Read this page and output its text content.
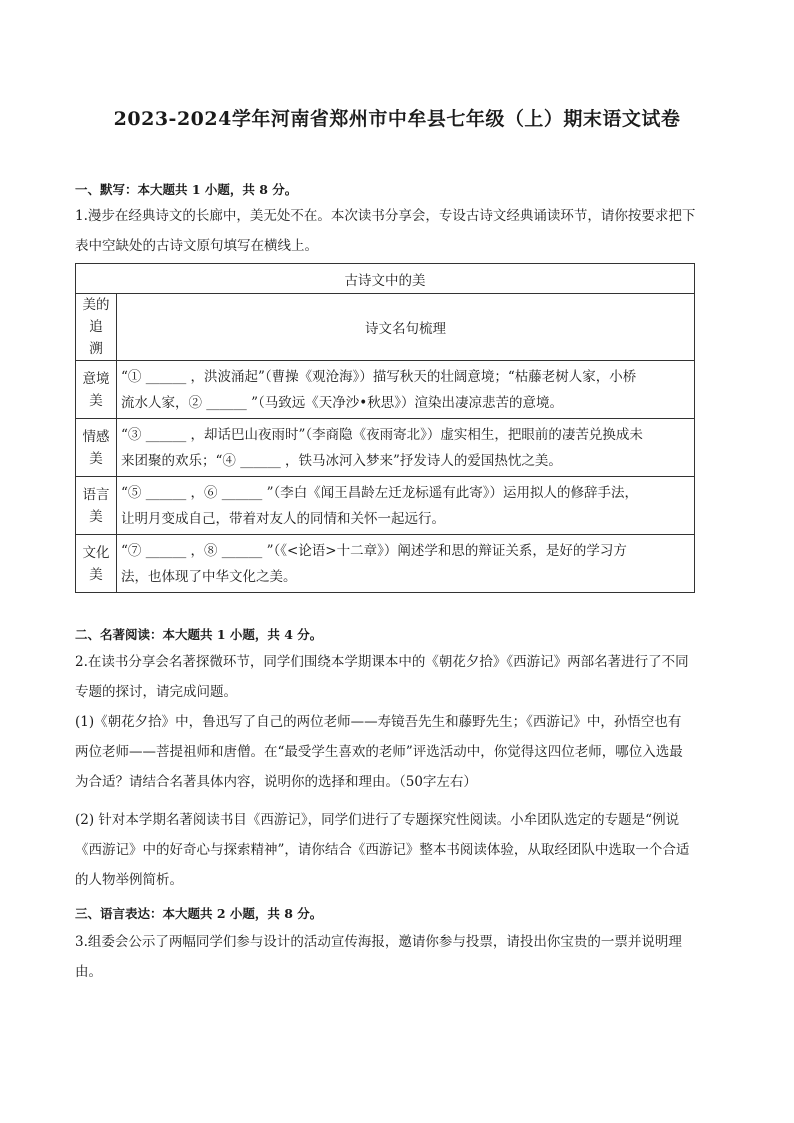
2023-2024学年河南省郑州市中牟县七年级（上）期末语文试卷
一、默写：本大题共 1 小题，共 8 分。
1.漫步在经典诗文的长廊中，美无处不在。本次读书分享会，专设古诗文经典诵读环节，请你按要求把下
表中空缺处的古诗文原句填写在横线上。
古诗文中的美	

美的追
溯	诗文名句梳理
意境美	“① ______ ，洪波涌起”（曹操《观沧海》）描写秋天的壮阔意境；“枯藤老树人家，小桥
流水人家，② ______ ”（马致远《天净沙•秋思》）渲染出凄凉悲苦的意境。

情感美	“③ ______ ，却话巴山夜雨时”（李商隐《夜雨寄北》）虚实相生，把眼前的凄苦兑换成未
来团聚的欢乐；“④ ______ ，铁马冰河入梦来”抒发诗人的爱国热忱之美。

语言美	“⑤ ______ ，⑥ ______ ”（李白《闻王昌龄左迁龙标遥有此寄》）运用拟人的修辞手法，
让明月变成自己，带着对友人的同情和关怀一起远行。

文化美	“⑦ ______ ，⑧ ______ ”（《<论语>十二章》）阐述学和思的辩证关系，是好的学习方
法，也体现了中华文化之美。
二、名著阅读：本大题共 1 小题，共 4 分。
2.在读书分享会名著探微环节，同学们围绕本学期课本中的《朝花夕拾》《西游记》两部名著进行了不同
专题的探讨，请完成问题。
(1)《朝花夕拾》中，鲁迅写了自己的两位老师——寿镜吾先生和藤野先生；《西游记》中，孙悟空也有
两位老师——菩提祖师和唐僧。在“最受学生喜欢的老师”评选活动中，你觉得这四位老师，哪位入选最
为合适？请结合名著具体内容，说明你的选择和理由。（50字左右）
(2) 针对本学期名著阅读书目《西游记》，同学们进行了专题探究性阅读。小牟团队选定的专题是“例说
《西游记》中的好奇心与探索精神”，请你结合《西游记》整本书阅读体验，从取经团队中选取一个合适
的人物举例简析。
三、语言表达：本大题共 2 小题，共 8 分。
3.组委会公示了两幅同学们参与设计的活动宣传海报，邀请你参与投票，请投出你宝贵的一票并说明理
由。
